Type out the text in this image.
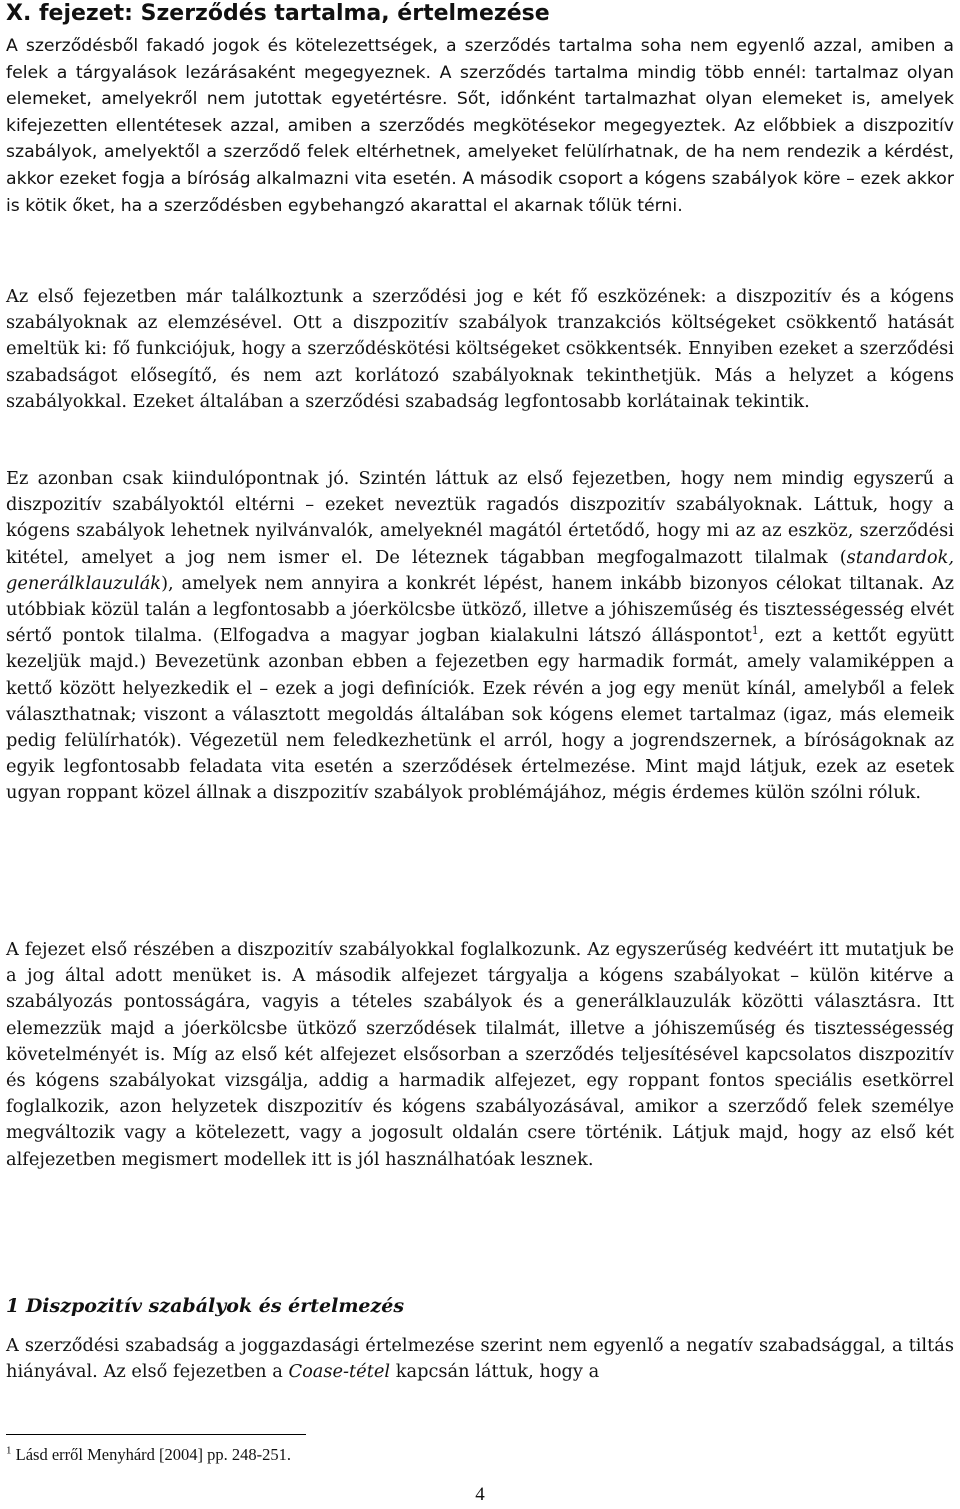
X. fejezet: Szerződés tartalma, értelmezése

A szerződésből fakadó jogok és kötelezettségek, a szerződés tartalma soha nem egyenlő azzal, amiben a felek a tárgyalások lezárásaként megegyeznek. A szerződés tartalma mindig több ennél: tartalmaz olyan elemeket, amelyekről nem jutottak egyetértésre. Sőt, időnként tartalmazhat olyan elemeket is, amelyek kifejezetten ellentétesek azzal, amiben a szerződés megkötésekor megegyeztek. Az előbbiek a diszpozitív szabályok, amelyektől a szerződő felek eltérhetnek, amelyeket felülírhatnak, de ha nem rendezik a kérdést, akkor ezeket fogja a bíróság alkalmazni vita esetén. A második csoport a kógens szabályok köre – ezek akkor is kötik őket, ha a szerződésben egybehangzó akarattal el akarnak tőlük térni.

Az első fejezetben már találkoztunk a szerződési jog e két fő eszközének: a diszpozitív és a kógens szabályoknak az elemzésével. Ott a diszpozitív szabályok tranzakciós költségeket csökkentő hatását emeltük ki: fő funkciójuk, hogy a szerződéskötési költségeket csökkentsék. Ennyiben ezeket a szerződési szabadságot elősegítő, és nem azt korlátozó szabályoknak tekinthetjük. Más a helyzet a kógens szabályokkal. Ezeket általában a szerződési szabadság legfontosabb korlátainak tekintik.

Ez azonban csak kiindulópontnak jó. Szintén láttuk az első fejezetben, hogy nem mindig egyszerű a diszpozitív szabályoktól eltérni – ezeket neveztük ragadós diszpozitív szabályoknak. Láttuk, hogy a kógens szabályok lehetnek nyilvánvalók, amelyeknél magától értetődő, hogy mi az az eszköz, szerződési kitétel, amelyet a jog nem ismer el. De léteznek tágabban megfogalmazott tilalmak (standardok, generálklauzulák), amelyek nem annyira a konkrét lépést, hanem inkább bizonyos célokat tiltanak. Az utóbbiak közül talán a legfontosabb a jóerkölcsbe ütköző, illetve a jóhiszeműség és tisztességesség elvét sértő pontok tilalma. (Elfogadva a magyar jogban kialakulni látszó álláspontot$^1$, ezt a kettőt együtt kezeljük majd.) Bevezetünk azonban ebben a fejezetben egy harmadik formát, amely valamiképpen a kettő között helyezkedik el – ezek a jogi definíciók. Ezek révén a jog egy menüt kínál, amelyből a felek választhatnak; viszont a választott megoldás általában sok kógens elemet tartalmaz (igaz, más elemeik pedig felülírhatók). Végezetül nem feledkezhetünk el arról, hogy a jogrendszernek, a bíróságoknak az egyik legfontosabb feladata vita esetén a szerződések értelmezése. Mint majd látjuk, ezek az esetek ugyan roppant közel állnak a diszpozitív szabályok problémájához, mégis érdemes külön szólni róluk.

A fejezet első részében a diszpozitív szabályokkal foglalkozunk. Az egyszerűség kedvéért itt mutatjuk be a jog által adott menüket is. A második alfejezet tárgyalja a kógens szabályokat – külön kitérve a szabályozás pontosságára, vagyis a tételes szabályok és a generálklauzulák közötti választásra. Itt elemezzük majd a jóerkölcsbe ütköző szerződések tilalmát, illetve a jóhiszeműség és tisztességesség követelményét is. Míg az első két alfejezet elsősorban a szerződés teljesítésével kapcsolatos diszpozitív és kógens szabályokat vizsgálja, addig a harmadik alfejezet, egy roppant fontos speciális esetkörrel foglalkozik, azon helyzetek diszpozitív és kógens szabályozásával, amikor a szerződő felek személye megváltozik vagy a kötelezett, vagy a jogosult oldalán csere történik. Látjuk majd, hogy az első két alfejezetben megismert modellek itt is jól használhatóak lesznek.

1 Diszpozitív szabályok és értelmezés

A szerződési szabadság a joggazdasági értelmezése szerint nem egyenlő a negatív szabadsággal, a tiltás hiányával. Az első fejezetben a Coase-tétel kapcsán láttuk, hogy a

$^1$ Lásd erről Menyhárd [2004] pp. 248-251.
4
